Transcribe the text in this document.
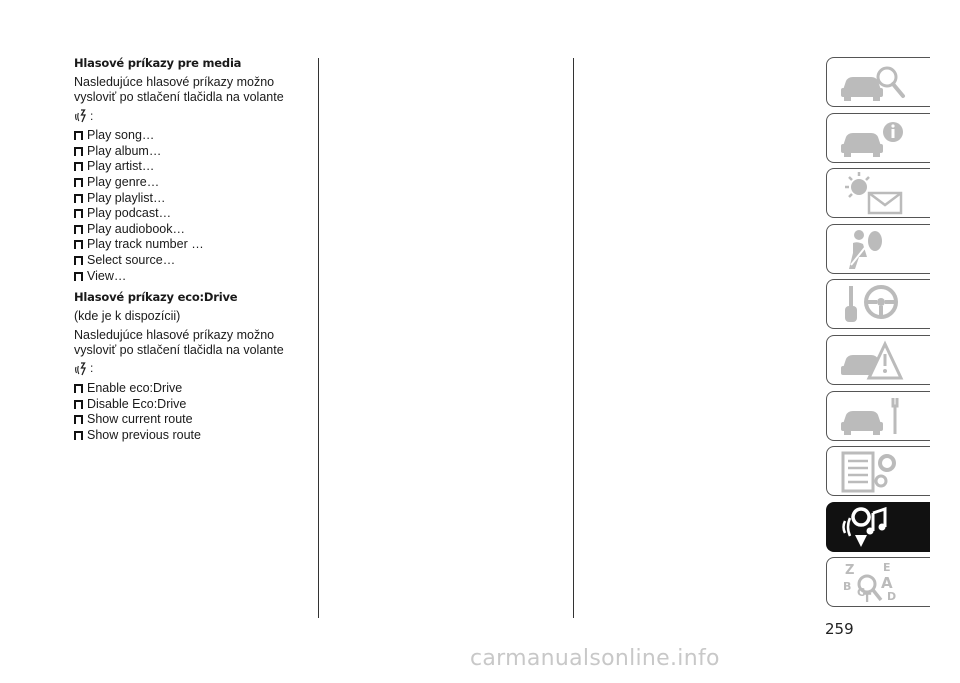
Hlasové príkazy pre media

Nasledujúce hlasové príkazy možno vysloviť po stlačení tlačidla na volante

:
Play song…
Play album…
Play artist…
Play genre…
Play playlist…
Play podcast…
Play audiobook…
Play track number …
Select source…
View…

Hlasové príkazy eco:Drive

(kde je k dispozícii)

Nasledujúce hlasové príkazy možno vysloviť po stlačení tlačidla na volante

:
Enable eco:Drive
Disable Eco:Drive
Show current route
Show previous route
Z	E
B A
C
T D
259
carmanualsonline.info
